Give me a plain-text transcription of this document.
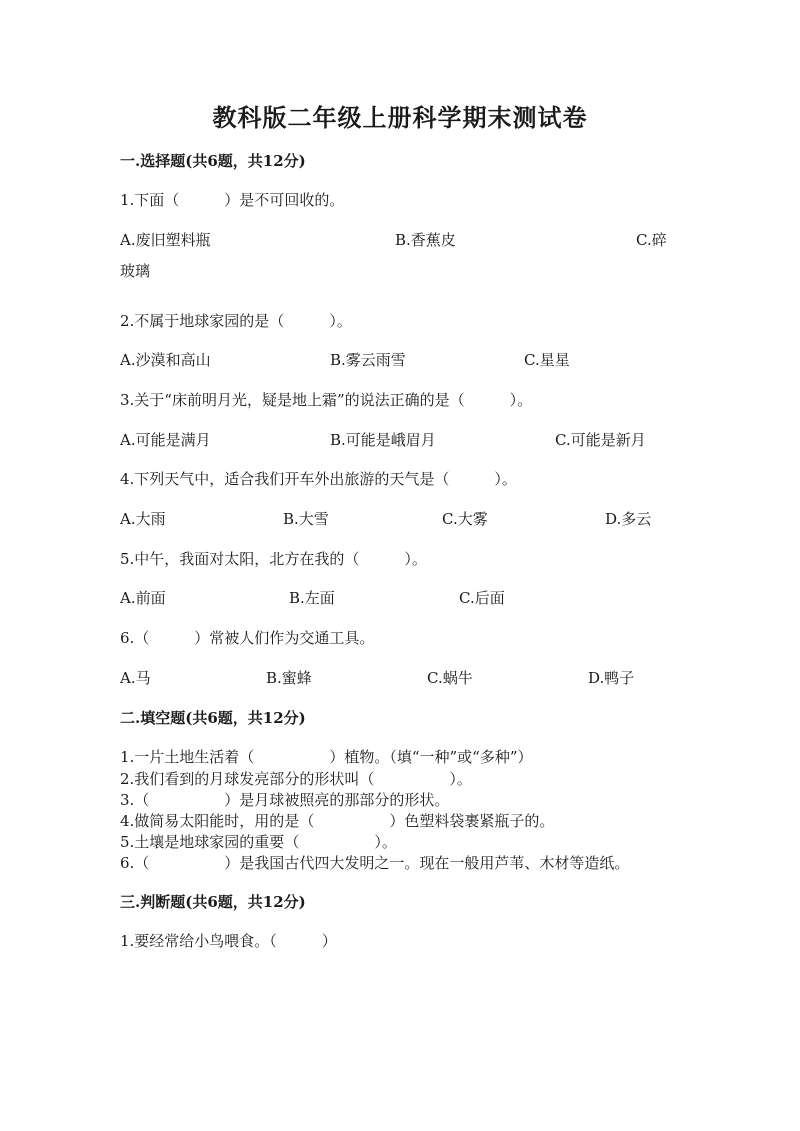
教科版二年级上册科学期末测试卷
一.选择题(共6题，共12分)
1.下面（　　　）是不可回收的。
A.废旧塑料瓶	B.香蕉皮	C.碎
玻璃
2.不属于地球家园的是（　　　）。
A.沙漠和高山	B.雾云雨雪	C.星星
3.关于“床前明月光，疑是地上霜”的说法正确的是（　　　）。
A.可能是满月	B.可能是峨眉月	C.可能是新月
4.下列天气中，适合我们开车外出旅游的天气是（　　　）。
A.大雨	B.大雪	C.大雾	D.多云
5.中午，我面对太阳，北方在我的（　　　）。
A.前面	B.左面	C.后面
6.（　　　）常被人们作为交通工具。
A.马	B.蜜蜂	C.蜗牛	D.鸭子
二.填空题(共6题，共12分)
1.一片土地生活着（　　　　　）植物。（填“一种”或“多种”）
2.我们看到的月球发亮部分的形状叫（　　　　　）。
3.（　　　　　）是月球被照亮的那部分的形状。
4.做简易太阳能时，用的是（　　　　　）色塑料袋裹紧瓶子的。
5.土壤是地球家园的重要（　　　　　）。
6.（　　　　　）是我国古代四大发明之一。现在一般用芦苇、木材等造纸。
三.判断题(共6题，共12分)
1.要经常给小鸟喂食。（　　　）
